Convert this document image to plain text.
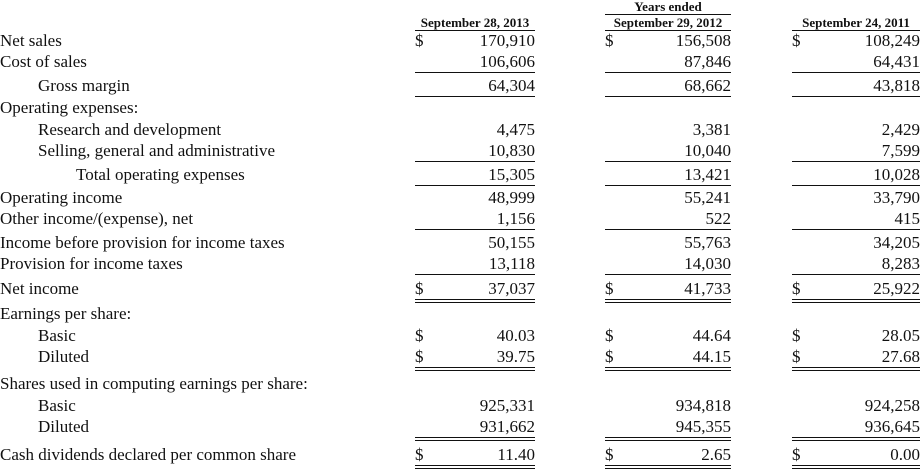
Years ended
September 28, 2013	September 29, 2012	September 24, 2011
Net sales	$	170,910	$	156,508	$	108,249
Cost of sales	106,606	87,846	64,431
Gross margin	64,304	68,662	43,818
Operating expenses:
Research and development	4,475	3,381	2,429
Selling, general and administrative	10,830	10,040	7,599
Total operating expenses	15,305	13,421	10,028
Operating income	48,999	55,241	33,790
Other income/(expense), net	1,156	522	415
Income before provision for income taxes	50,155	55,763	34,205
Provision for income taxes	13,118	14,030	8,283
Net income	$	37,037	$	41,733	$	25,922
Earnings per share:
Basic	$	40.03	$	44.64	$	28.05
Diluted	$	39.75	$	44.15	$	27.68
Shares used in computing earnings per share:
Basic	925,331	934,818	924,258
Diluted	931,662	945,355	936,645
Cash dividends declared per common share	$	11.40	$	2.65	$	0.00
